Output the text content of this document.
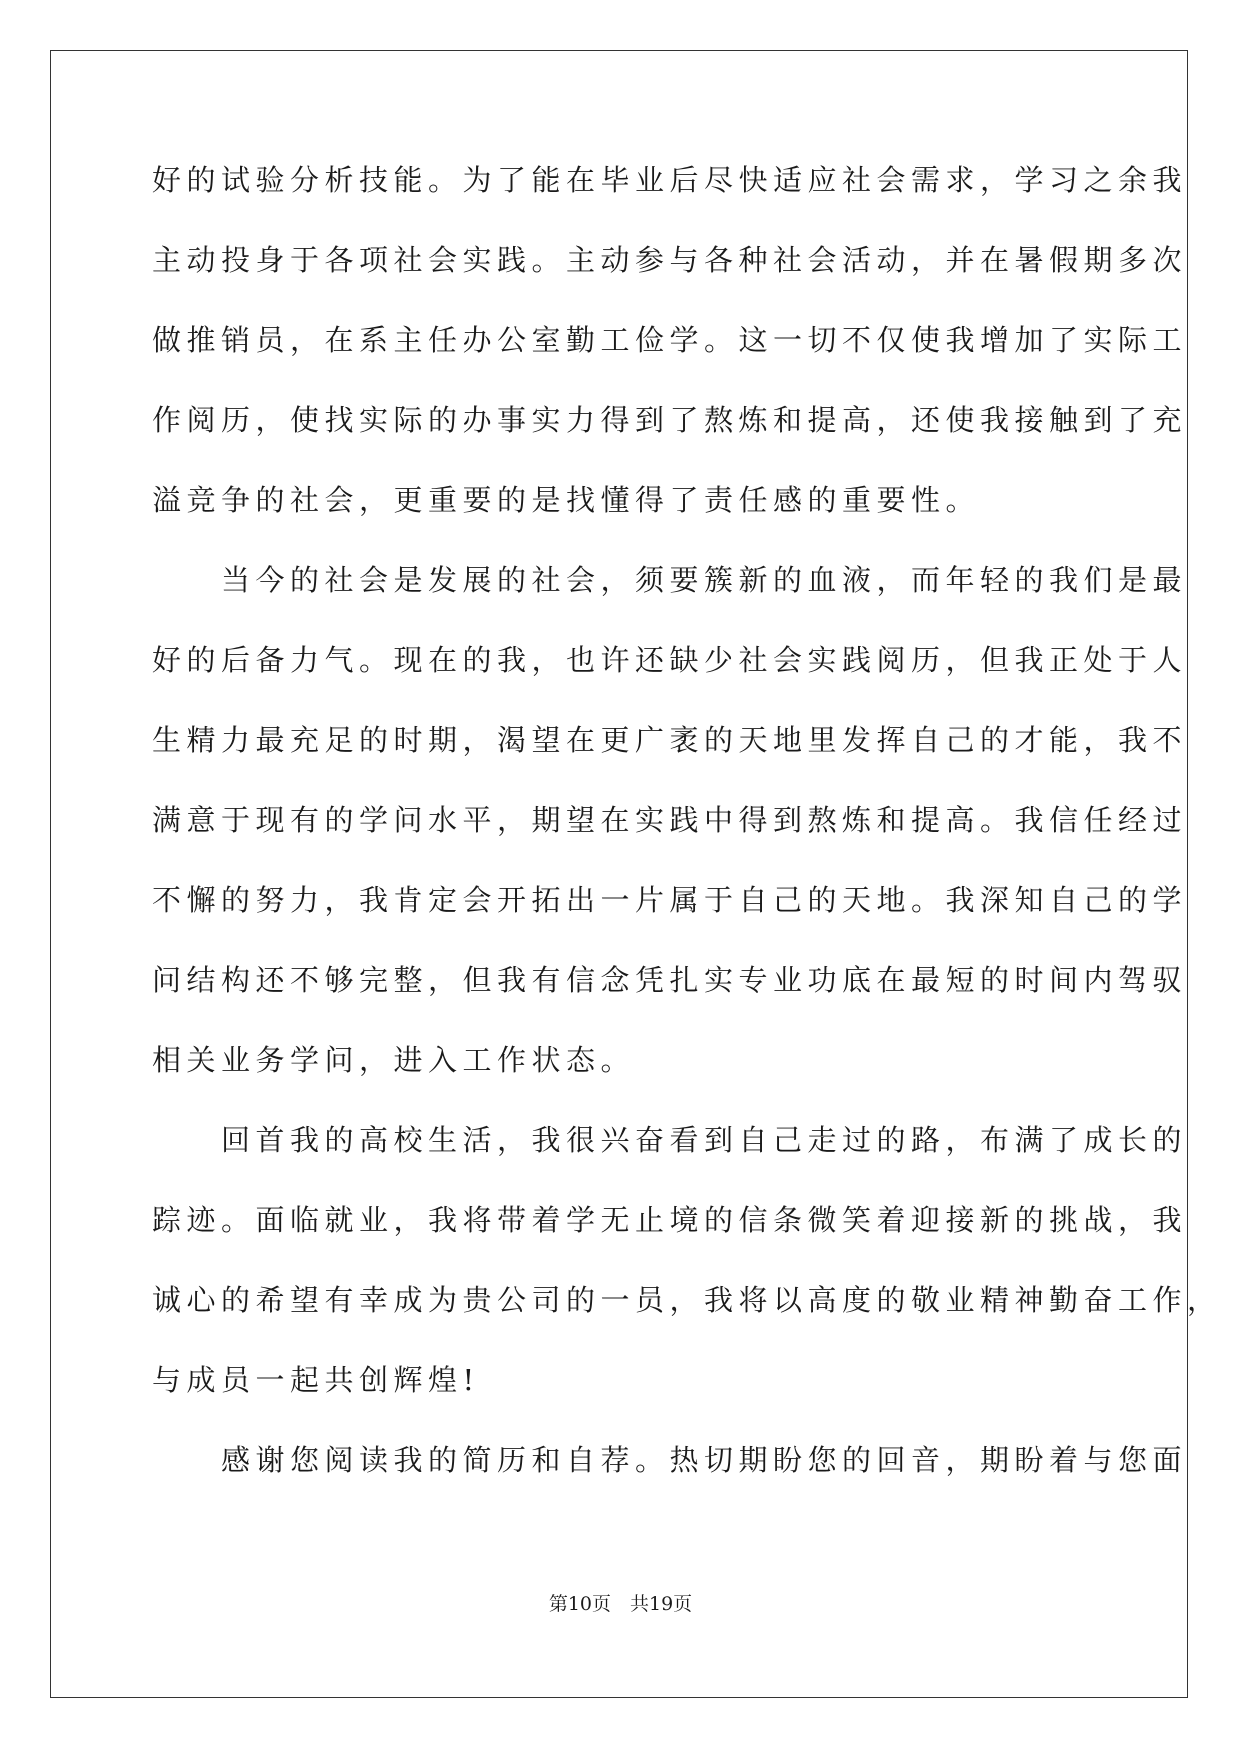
好的试验分析技能。为了能在毕业后尽快适应社会需求，学习之余我
主动投身于各项社会实践。主动参与各种社会活动，并在暑假期多次
做推销员，在系主任办公室勤工俭学。这一切不仅使我增加了实际工
作阅历，使找实际的办事实力得到了熬炼和提高，还使我接触到了充
溢竞争的社会，更重要的是找懂得了责任感的重要性。
　　当今的社会是发展的社会，须要簇新的血液，而年轻的我们是最
好的后备力气。现在的我，也许还缺少社会实践阅历，但我正处于人
生精力最充足的时期，渴望在更广袤的天地里发挥自己的才能，我不
满意于现有的学问水平，期望在实践中得到熬炼和提高。我信任经过
不懈的努力，我肯定会开拓出一片属于自己的天地。我深知自己的学
问结构还不够完整，但我有信念凭扎实专业功底在最短的时间内驾驭
相关业务学问，进入工作状态。
　　回首我的高校生活，我很兴奋看到自己走过的路，布满了成长的
踪迹。面临就业，我将带着学无止境的信条微笑着迎接新的挑战，我
诚心的希望有幸成为贵公司的一员，我将以高度的敬业精神勤奋工作，
与成员一起共创辉煌!
　　感谢您阅读我的简历和自荐。热切期盼您的回音，期盼着与您面
第10页　共19页
